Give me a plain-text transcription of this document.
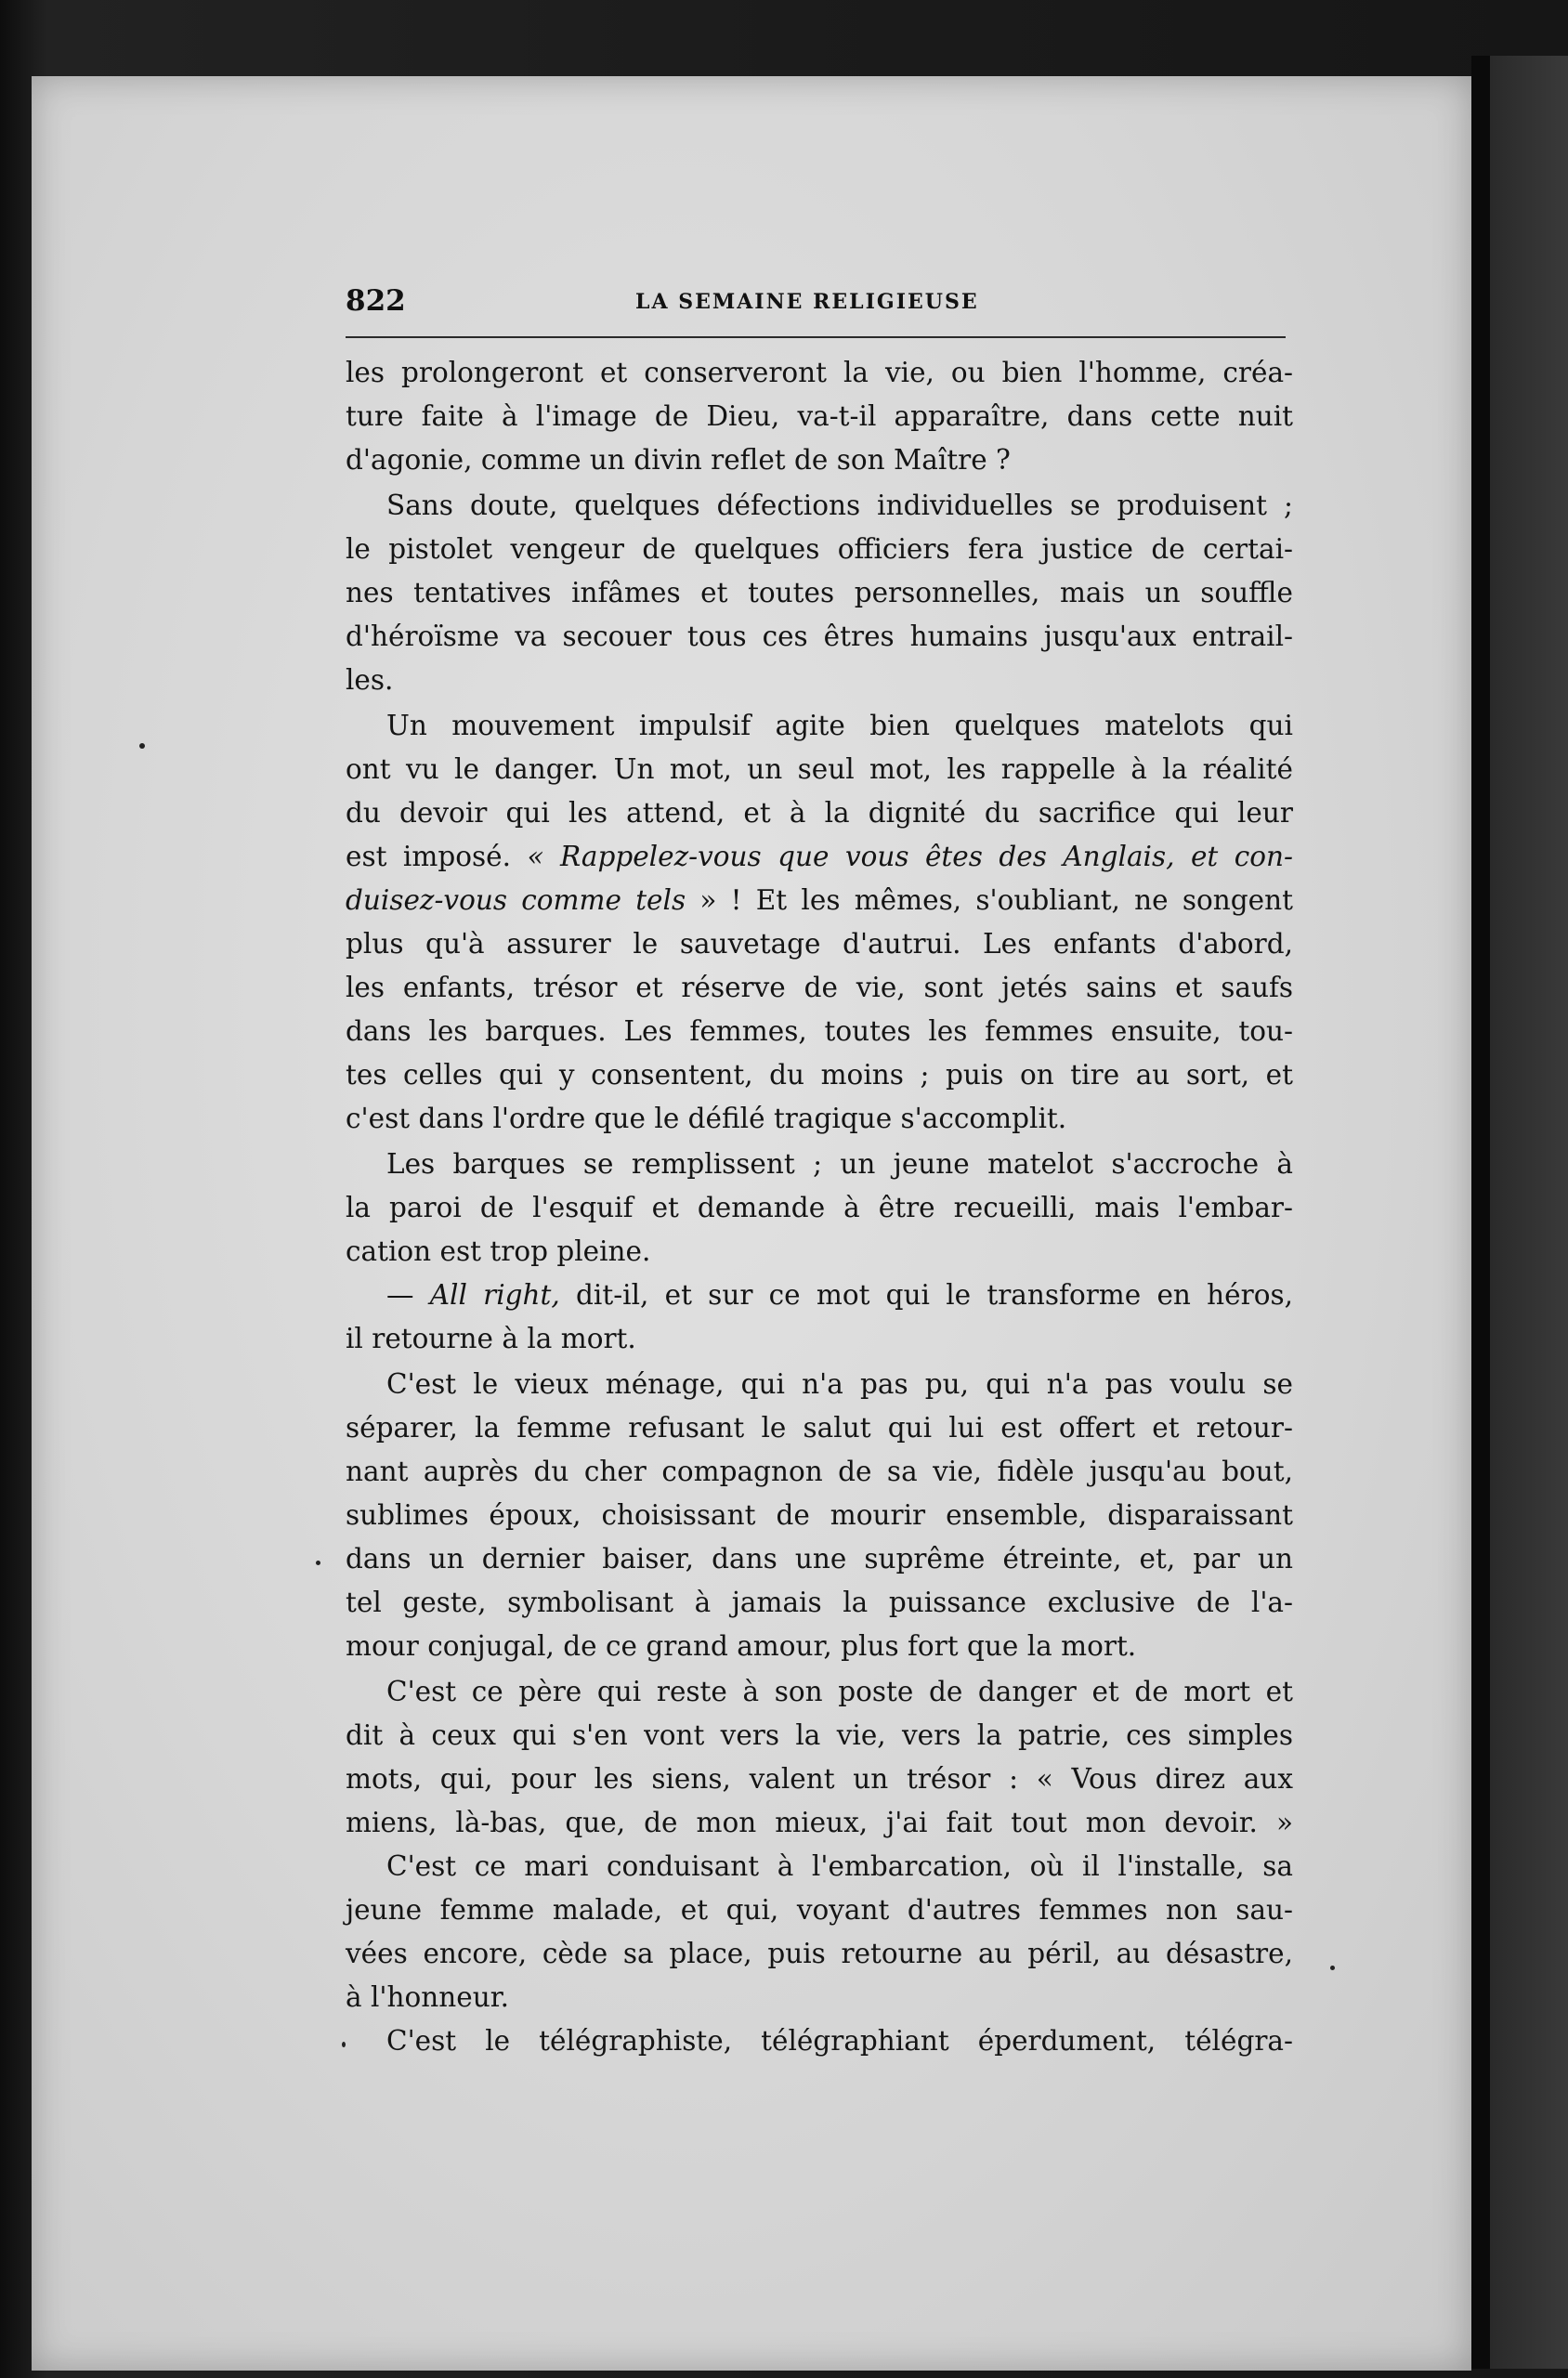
822	LA SEMAINE RELIGIEUSE
les prolongeront et conserveront la vie, ou bien l'homme, créa-
ture faite à l'image de Dieu, va-t-il apparaître, dans cette nuit
d'agonie, comme un divin reflet de son Maître ?
Sans doute, quelques défections individuelles se produisent ;
le pistolet vengeur de quelques officiers fera justice de certai-
nes tentatives infâmes et toutes personnelles, mais un souffle
d'héroïsme va secouer tous ces êtres humains jusqu'aux entrail-
les.
Un mouvement impulsif agite bien quelques matelots qui
ont vu le danger. Un mot, un seul mot, les rappelle à la réalité
du devoir qui les attend, et à la dignité du sacrifice qui leur
est imposé. « Rappelez-vous que vous êtes des Anglais, et con-
duisez-vous comme tels » ! Et les mêmes, s'oubliant, ne songent
plus qu'à assurer le sauvetage d'autrui. Les enfants d'abord,
les enfants, trésor et réserve de vie, sont jetés sains et saufs
dans les barques. Les femmes, toutes les femmes ensuite, tou-
tes celles qui y consentent, du moins ; puis on tire au sort, et
c'est dans l'ordre que le défilé tragique s'accomplit.
Les barques se remplissent ; un jeune matelot s'accroche à
la paroi de l'esquif et demande à être recueilli, mais l'embar-
cation est trop pleine.
— All right, dit-il, et sur ce mot qui le transforme en héros,
il retourne à la mort.
C'est le vieux ménage, qui n'a pas pu, qui n'a pas voulu se
séparer, la femme refusant le salut qui lui est offert et retour-
nant auprès du cher compagnon de sa vie, fidèle jusqu'au bout,
sublimes époux, choisissant de mourir ensemble, disparaissant
dans un dernier baiser, dans une suprême étreinte, et, par un
tel geste, symbolisant à jamais la puissance exclusive de l'a-
mour conjugal, de ce grand amour, plus fort que la mort.
C'est ce père qui reste à son poste de danger et de mort et
dit à ceux qui s'en vont vers la vie, vers la patrie, ces simples
mots, qui, pour les siens, valent un trésor : « Vous direz aux
miens, là-bas, que, de mon mieux, j'ai fait tout mon devoir. »
C'est ce mari conduisant à l'embarcation, où il l'installe, sa
jeune femme malade, et qui, voyant d'autres femmes non sau-
vées encore, cède sa place, puis retourne au péril, au désastre,
à l'honneur.
C'est le télégraphiste, télégraphiant éperdument, télégra-
